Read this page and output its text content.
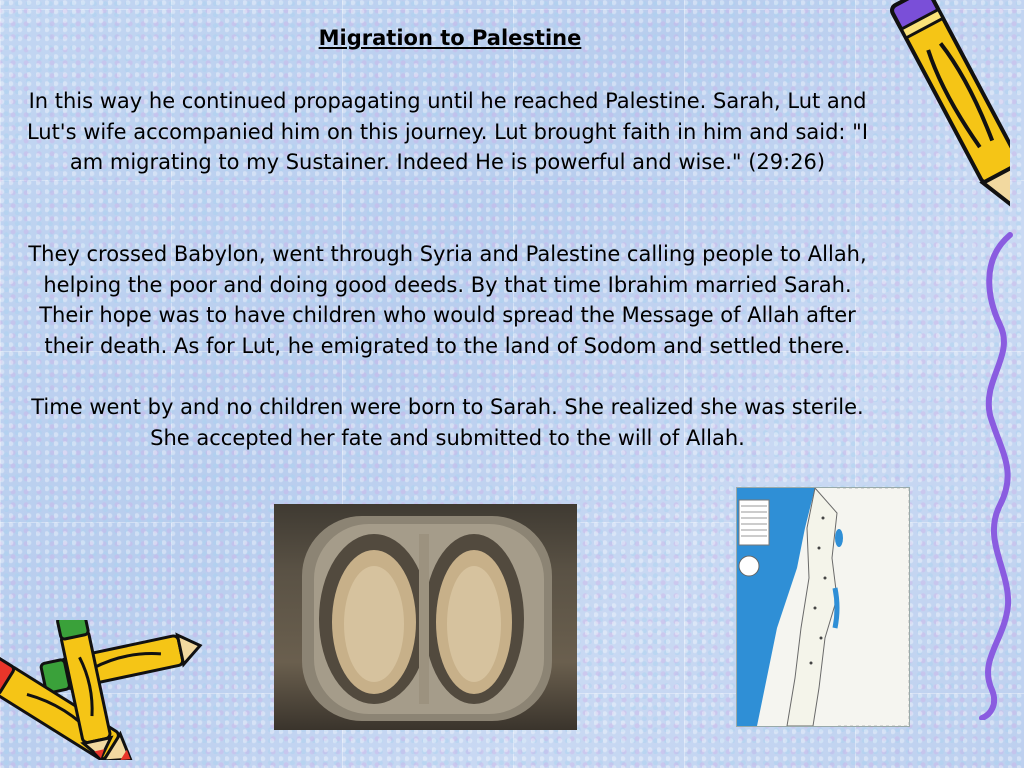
Migration to Palestine
In this way he continued propagating until he reached Palestine. Sarah, Lut and Lut's wife accompanied him on this journey. Lut brought faith in him and said: "I am migrating to my Sustainer. Indeed He is powerful and wise." (29:26)
They crossed Babylon, went through Syria and Palestine calling people to Allah, helping the poor and doing good deeds. By that time Ibrahim married Sarah. Their hope was to have children who would spread the Message of Allah after their death. As for Lut, he emigrated to the land of Sodom and settled there.
Time went by and no children were born to Sarah. She realized she was sterile. She accepted her fate and submitted to the will of Allah.
